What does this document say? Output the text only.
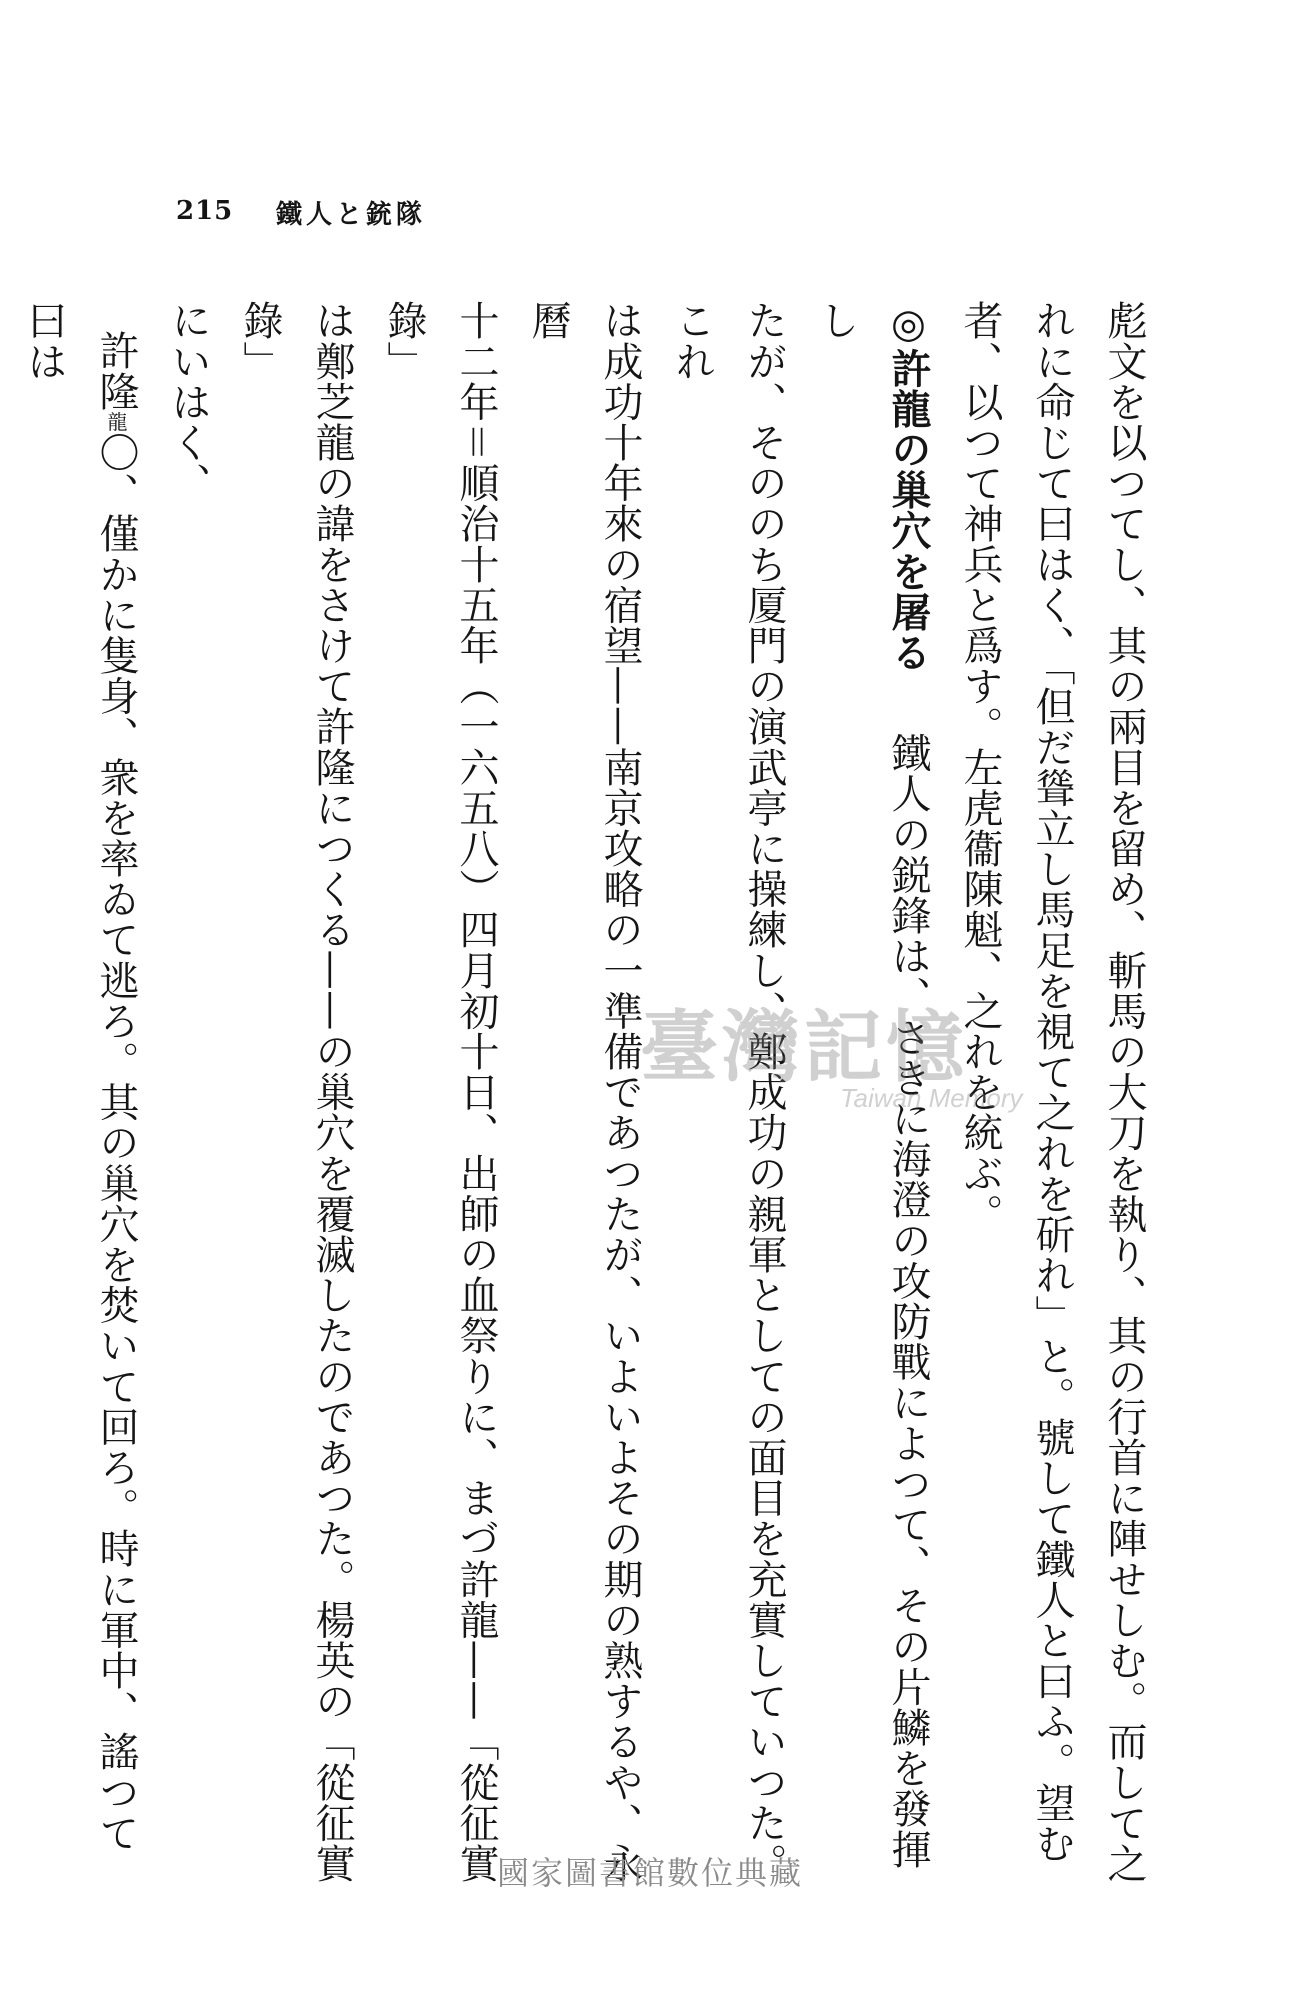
215 鐵人と銃隊
彪文を以つてし、其の兩目を留め、斬馬の大刀を執り、其の行首に陣せしむ。而して之
れに命じて曰はく、「但だ聳立し馬足を視て之れを斫れ」と。號して鐵人と曰ふ。望む
者、以つて神兵と爲す。左虎衞陳魁、之れを統ぶ。
◎許龍の巢穴を屠る鐵人の鋭鋒は、さきに海澄の攻防戰によつて、その片鱗を發揮し
たが、そののち厦門の演武亭に操練し、鄭成功の親軍としての面目を充實していつた。これ
は成功十年來の宿望——南京攻略の一準備であつたが、いよいよその期の熟するや、永曆
十二年＝順治十五年（一六五八）四月初十日、出師の血祭りに、まづ許龍——「從征實錄」
は鄭芝龍の諱をさけて許隆につくる——の巢穴を覆滅したのであつた。楊英の「從征實錄」
にいはく、
許隆龍〇、僅かに隻身、衆を率ゐて逃ろ。其の巢穴を焚いて回ろ。時に軍中、謠つて曰は
臺灣記憶
Taiwan Memory
國家圖書館數位典藏
